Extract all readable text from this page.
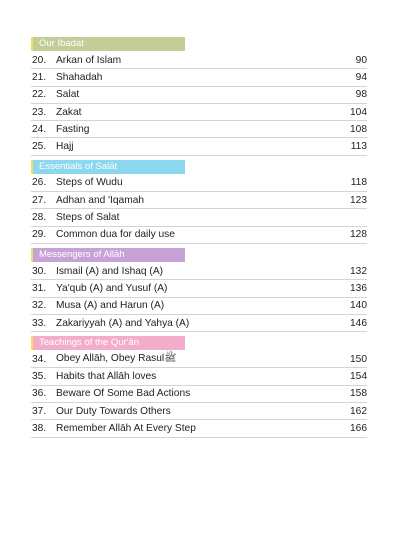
Our Ibadat
20. Arkan of Islam	90
21. Shahadah	94
22. Salat	98
23. Zakat	104
24. Fasting	108
25. Hajj	113
Essentials of Salāt
26. Steps of Wudu	118
27. Adhan and 'Iqamah	123
28. Steps of Salat
29. Common dua for daily use	128
Messengers of Allāh
30. Ismail (A) and Ishaq (A)	132
31. Ya'qub (A) and Yusuf (A)	136
32. Musa (A) and Harun (A)	140
33. Zakariyyah (A) and Yahya (A)	146
Teachings of the Qur'ān
34. Obey Allāh, Obey Rasulﷺ	150
35. Habits that Allāh loves	154
36. Beware Of Some Bad Actions	158
37. Our Duty Towards Others	162
38. Remember Allāh At Every Step	166
